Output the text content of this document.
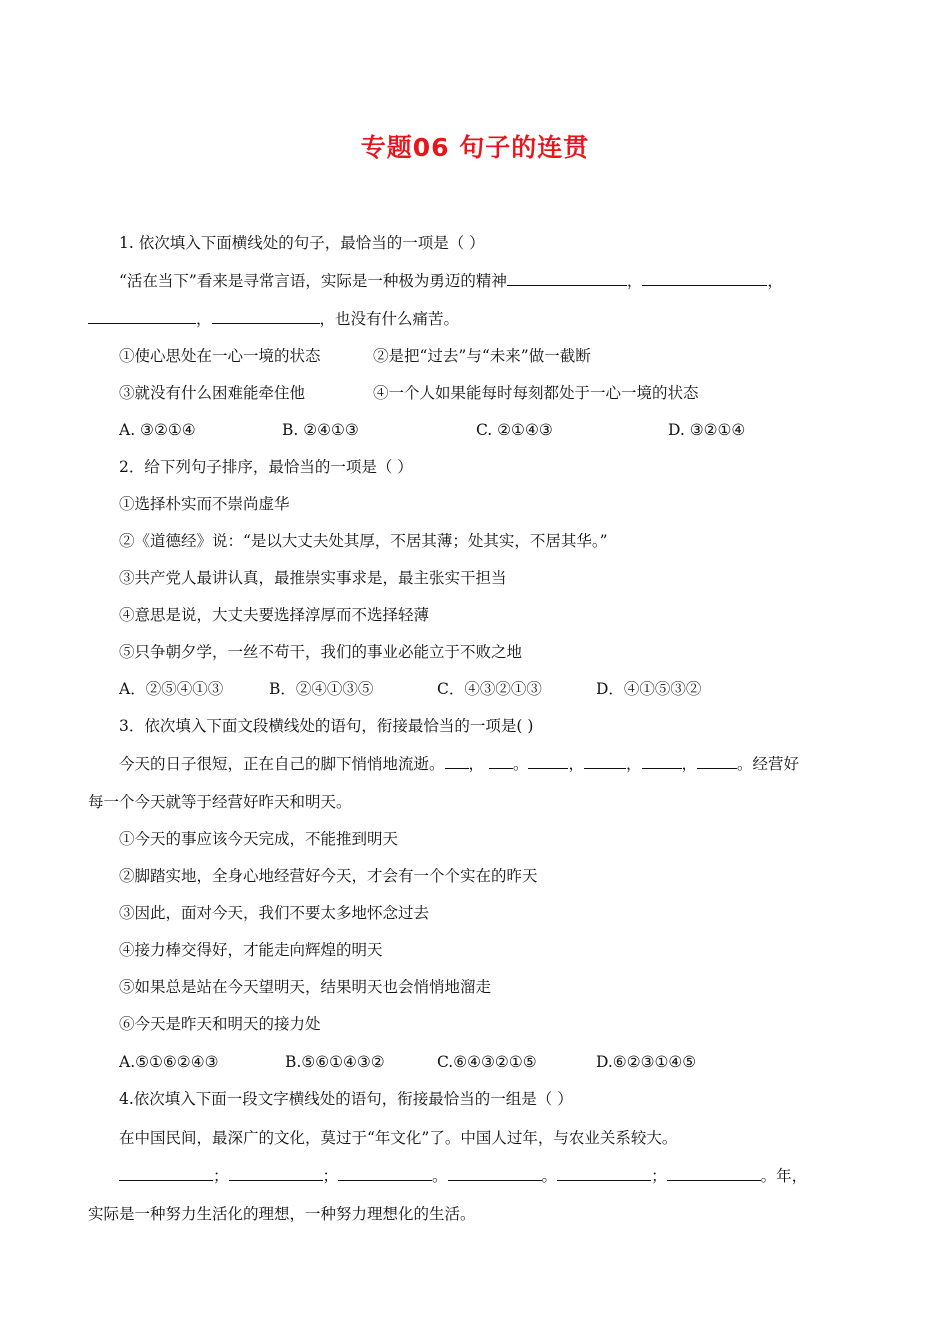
专题06 句子的连贯
1. 依次填入下面横线处的句子，最恰当的一项是（ ）
“活在当下”看来是寻常言语，实际是一种极为勇迈的精神	，	，
，	，也没有什么痛苦。
①使心思处在一心一境的状态	②是把“过去”与“未来”做一截断
③就没有什么困难能牵住他	④一个人如果能每时每刻都处于一心一境的状态
A. ③②①④	B. ②④①③	C. ②①④③	D. ③②①④
2．给下列句子排序，最恰当的一项是（ ）
①选择朴实而不崇尚虚华
②《道德经》说：“是以大丈夫处其厚，不居其薄；处其实，不居其华。”
③共产党人最讲认真，最推崇实事求是，最主张实干担当
④意思是说，大丈夫要选择淳厚而不选择轻薄
⑤只争朝夕学，一丝不苟干，我们的事业必能立于不败之地
A．②⑤④①③	B．②④①③⑤	C．④③②①③	D．④①⑤③②
3．依次填入下面文段横线处的语句，衔接最恰当的一项是( )
今天的日子很短，正在自己的脚下悄悄地流逝。 ， 。	，	，	，	。经营好
每一个今天就等于经营好昨天和明天。
①今天的事应该今天完成，不能推到明天
②脚踏实地，全身心地经营好今天，才会有一个个实在的昨天
③因此，面对今天，我们不要太多地怀念过去
④接力棒交得好，才能走向辉煌的明天
⑤如果总是站在今天望明天，结果明天也会悄悄地溜走
⑥今天是昨天和明天的接力处
A.⑤①⑥②④③	B.⑤⑥①④③②	C.⑥④③②①⑤	D.⑥②③①④⑤
4.依次填入下面一段文字横线处的语句，衔接最恰当的一组是（ ）
在中国民间，最深广的文化，莫过于“年文化”了。中国人过年，与农业关系较大。
；	；	。	。	；	。年，
实际是一种努力生活化的理想，一种努力理想化的生活。
